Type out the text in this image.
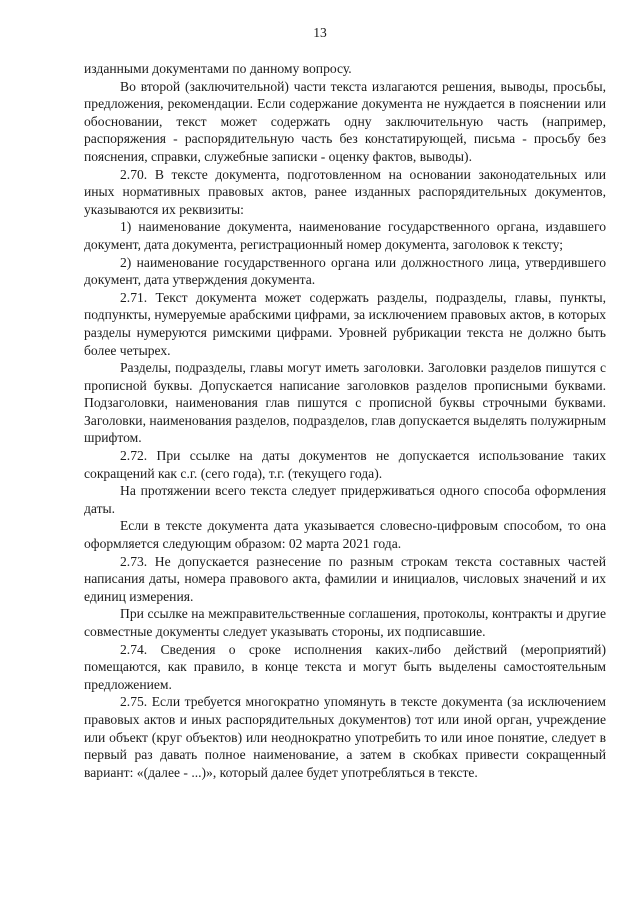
13

изданными документами по данному вопросу.

Во второй (заключительной) части текста излагаются решения, выводы, просьбы, предложения, рекомендации. Если содержание документа не нуждается в пояснении или обосновании, текст может содержать одну заключительную часть (например, распоряжения - распорядительную часть без констатирующей, письма - просьбу без пояснения, справки, служебные записки - оценку фактов, выводы).

2.70. В тексте документа, подготовленном на основании законодательных или иных нормативных правовых актов, ранее изданных распорядительных документов, указываются их реквизиты:

1) наименование документа, наименование государственного органа, издавшего документ, дата документа, регистрационный номер документа, заголовок к тексту;

2) наименование государственного органа или должностного лица, утвердившего документ, дата утверждения документа.

2.71. Текст документа может содержать разделы, подразделы, главы, пункты, подпункты, нумеруемые арабскими цифрами, за исключением правовых актов, в которых разделы нумеруются римскими цифрами. Уровней рубрикации текста не должно быть более четырех.

Разделы, подразделы, главы могут иметь заголовки. Заголовки разделов пишутся с прописной буквы. Допускается написание заголовков разделов прописными буквами. Подзаголовки, наименования глав пишутся с прописной буквы строчными буквами. Заголовки, наименования разделов, подразделов, глав допускается выделять полужирным шрифтом.

2.72. При ссылке на даты документов не допускается использование таких сокращений как с.г. (сего года), т.г. (текущего года).

На протяжении всего текста следует придерживаться одного способа оформления даты.

Если в тексте документа дата указывается словесно-цифровым способом, то она оформляется следующим образом: 02 марта 2021 года.

2.73. Не допускается разнесение по разным строкам текста составных частей написания даты, номера правового акта, фамилии и инициалов, числовых значений и их единиц измерения.

При ссылке на межправительственные соглашения, протоколы, контракты и другие совместные документы следует указывать стороны, их подписавшие.

2.74. Сведения о сроке исполнения каких-либо действий (мероприятий) помещаются, как правило, в конце текста и могут быть выделены самостоятельным предложением.

2.75. Если требуется многократно упомянуть в тексте документа (за исключением правовых актов и иных распорядительных документов) тот или иной орган, учреждение или объект (круг объектов) или неоднократно употребить то или иное понятие, следует в первый раз давать полное наименование, а затем в скобках привести сокращенный вариант: «(далее - ...)», который далее будет употребляться в тексте.
